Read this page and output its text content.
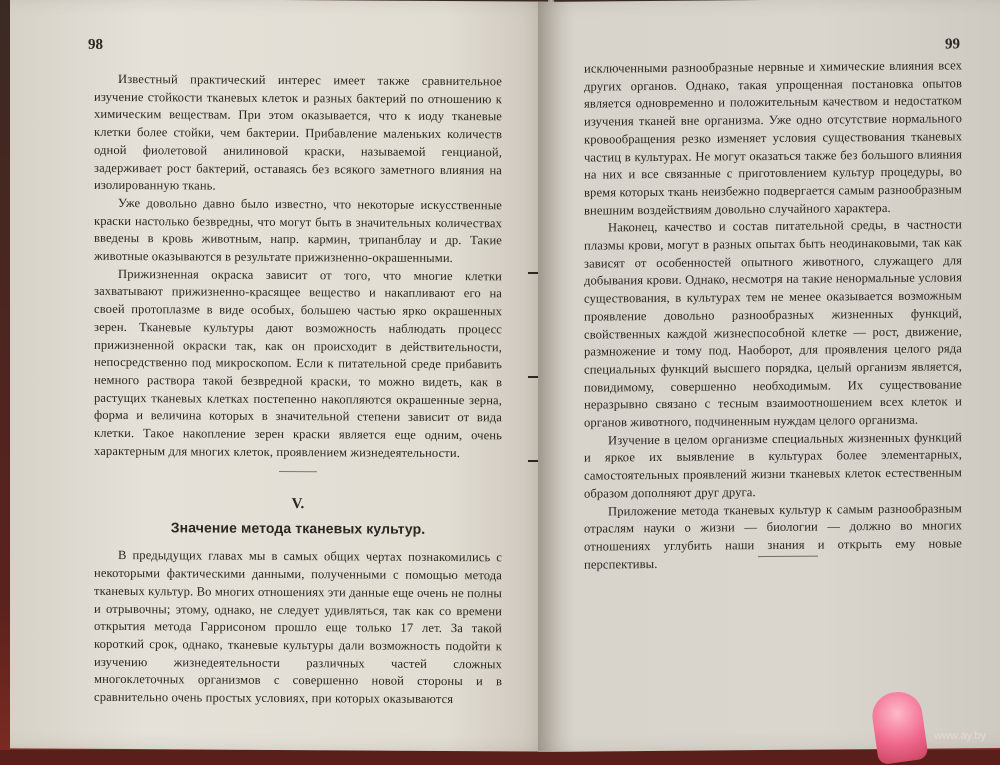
98

Известный практический интерес имеет также сравнительное изучение стойкости тканевых клеток и разных бактерий по отношению к химическим веществам. При этом оказывается, что к иоду тканевые клетки более стойки, чем бактерии. Прибавление маленьких количеств одной фиолетовой анилиновой краски, называемой генцианой, задерживает рост бактерий, оставаясь без всякого заметного влияния на изолированную ткань.

Уже довольно давно было известно, что некоторые искусственные краски настолько безвредны, что могут быть в значительных количествах введены в кровь животным, напр. кармин, трипанблау и др. Такие животные оказываются в результате прижизненно-окрашенными.

Прижизненная окраска зависит от того, что многие клетки захватывают прижизненно-красящее вещество и накапливают его на своей протоплазме в виде особых, большею частью ярко окрашенных зерен. Тканевые культуры дают возможность наблюдать процесс прижизненной окраски так, как он происходит в действительности, непосредственно под микроскопом. Если к питательной среде прибавить немного раствора такой безвредной краски, то можно видеть, как в растущих тканевых клетках постепенно накопляются окрашенные зерна, форма и величина которых в значительной степени зависит от вида клетки. Такое накопление зерен краски является еще одним, очень характерным для многих клеток, проявлением жизнедеятельности.

V.
Значение метода тканевых культур.

В предыдущих главах мы в самых общих чертах познакомились с некоторыми фактическими данными, полученными с помощью метода тканевых культур. Во многих отношениях эти данные еще очень не полны и отрывочны; этому, однако, не следует удивляться, так как со времени открытия метода Гаррисоном прошло еще только 17 лет. За такой короткий срок, однако, тканевые культуры дали возможность подойти к изучению жизнедеятельности различных частей сложных многоклеточных организмов с совершенно новой стороны и в сравнительно очень простых условиях, при которых оказываются

99

исключенными разнообразные нервные и химические влияния всех других органов. Однако, такая упрощенная постановка опытов является одновременно и положительным качеством и недостатком изучения тканей вне организма. Уже одно отсутствие нормального кровообращения резко изменяет условия существования тканевых частиц в культурах. Не могут оказаться также без большого влияния на них и все связанные с приготовлением культур процедуры, во время которых ткань неизбежно подвергается самым разнообразным внешним воздействиям довольно случайного характера.

Наконец, качество и состав питательной среды, в частности плазмы крови, могут в разных опытах быть неодинаковыми, так как зависят от особенностей опытного животного, служащего для добывания крови. Однако, несмотря на такие ненормальные условия существования, в культурах тем не менее оказывается возможным проявление довольно разнообразных жизненных функций, свойственных каждой жизнеспособной клетке — рост, движение, размножение и тому под. Наоборот, для проявления целого ряда специальных функций высшего порядка, целый организм является, повидимому, совершенно необходимым. Их существование неразрывно связано с тесным взаимоотношением всех клеток и органов животного, подчиненным нуждам целого организма.

Изучение в целом организме специальных жизненных функций и яркое их выявление в культурах более элементарных, самостоятельных проявлений жизни тканевых клеток естественным образом дополняют друг друга.

Приложение метода тканевых культур к самым разнообразным отраслям науки о жизни — биологии — должно во многих отношениях углубить наши знания и открыть ему новые перспективы.

www.ay.by
